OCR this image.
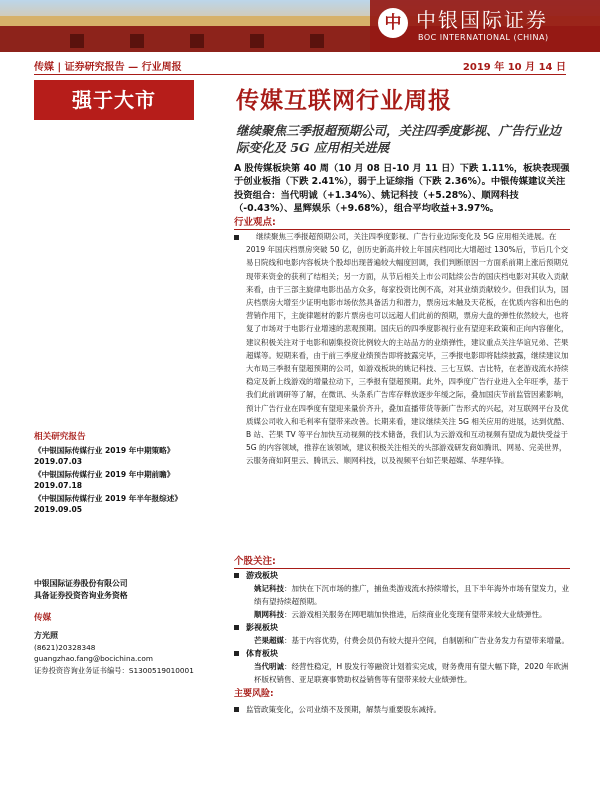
中 中银国际证券
BOC INTERNATIONAL (CHINA)
传媒 | 证券研究报告 — 行业周报	2019 年 10 月 14 日
强于大市	传媒互联网行业周报
继续聚焦三季报超预期公司，关注四季度影视、广告行业边际变化及 5G 应用相关进展
A 股传媒板块第 40 周（10 月 08 日-10 月 11 日）下跌 1.11%，板块表现强于创业板指（下跌 2.41%），弱于上证综指（下跌 2.36%）。中银传媒建议关注投资组合：当代明诚（+1.34%）、姚记科技（+5.28%）、顺网科技（-0.43%）、星辉娱乐（+9.68%），组合平均收益+3.97%。
行业观点:

继续聚焦三季报超预期公司，关注四季度影视、广告行业边际变化及 5G 应用相关进展。在 2019 年国庆档票房突破 50 亿，创历史新高并较上年国庆档同比大增超过 130%后，节后几个交易日院线和电影内容板块个股却出现普遍较大幅度回调，我们判断原因一方面系前期上涨后预期兑现带来资金的获利了结相关；另一方面，从节后相关上市公司陆续公告的国庆档电影对其收入贡献来看，由于三部主旋律电影出品方众多，每家投资比例不高，对其业绩贡献较少。但我们认为，国庆档票房大增至少证明电影市场依然具备活力和潜力，票房远未触及天花板，在优质内容和出色的营销作用下，主旋律题材的影片票房也可以远超人们此前的预期，票房大盘的弹性依然较大，也将复了市场对于电影行业增速的悲观预期。国庆后的四季度影视行业有望迎来政策和正向内容催化，建议积极关注对于电影和剧集投资比例较大的主站品方的业绩弹性，建议重点关注华谊兄弟、芒果超媒等。短期来看，由于前三季度业绩预告即将披露完毕，三季报电影即将陆续披露，继续建议加大布局三季报有望超预期的公司，如游戏板块的姚记科技、三七互娱、吉比特，在老游戏流水持续稳定及新上线游戏的增量拉动下，三季报有望超预期。此外，四季度广告行业进入全年旺季，基于我们此前调研等了解，在微讯、头条系广告库存释放逐步年缓之际，叠加国庆节前监管因素影响，预计广告行业在四季度有望迎来量价齐升，叠加直播带货等新广告形式的兴起，对互联网平台及优质媒公司收入和毛利率有望带来改善。长期来看，建议继续关注 5G 相关应用的进展，达到优酷、B 站、芒果 TV 等平台加快互动视频的技术储备，我们认为云游戏和互动视频有望成为最快受益于 5G 的内容领域，推荐在该领域，建议积极关注相关的头部游戏研发商如腾讯、网易、完美世界，云服务商如阿里云、腾讯云、顺网科技，以及视频平台如芒果超媒、华理华锋。

相关研究报告
《中银国际传媒行业 2019 年中期策略》
2019.07.03
《中银国际传媒行业 2019 年中期前瞻》
2019.07.18
《中银国际传媒行业 2019 年半年报综述》
2019.09.05
中银国际证券股份有限公司
具备证券投资咨询业务资格
传媒
方光照
(8621)20328348
guangzhao.fang@bocichina.com
证券投资咨询业务证书编号：S1300519010001
个股关注:
游戏板块
姚记科技：加快在下沉市场的推广，捕鱼类游戏流水持续增长，且下半年海外市场有望发力，业绩有望持续超预期。
顺网科技：云游戏相关服务在网吧端加快推进，后续商业化变现有望带来较大业绩弹性。
影视板块
芒果超媒：基于内容优势，付费会员仍有较大提升空间，自制剧和广告业务发力有望带来增量。
体育板块
当代明诚：经营性稳定，H 股发行等融资计划着实完成，财务费用有望大幅下降，2020 年欧洲杯版权销售、亚足联赛事赞助权益销售等有望带来较大业绩弹性。
主要风险:
监管政策变化，公司业绩不及预期，解禁与重要股东减持。
